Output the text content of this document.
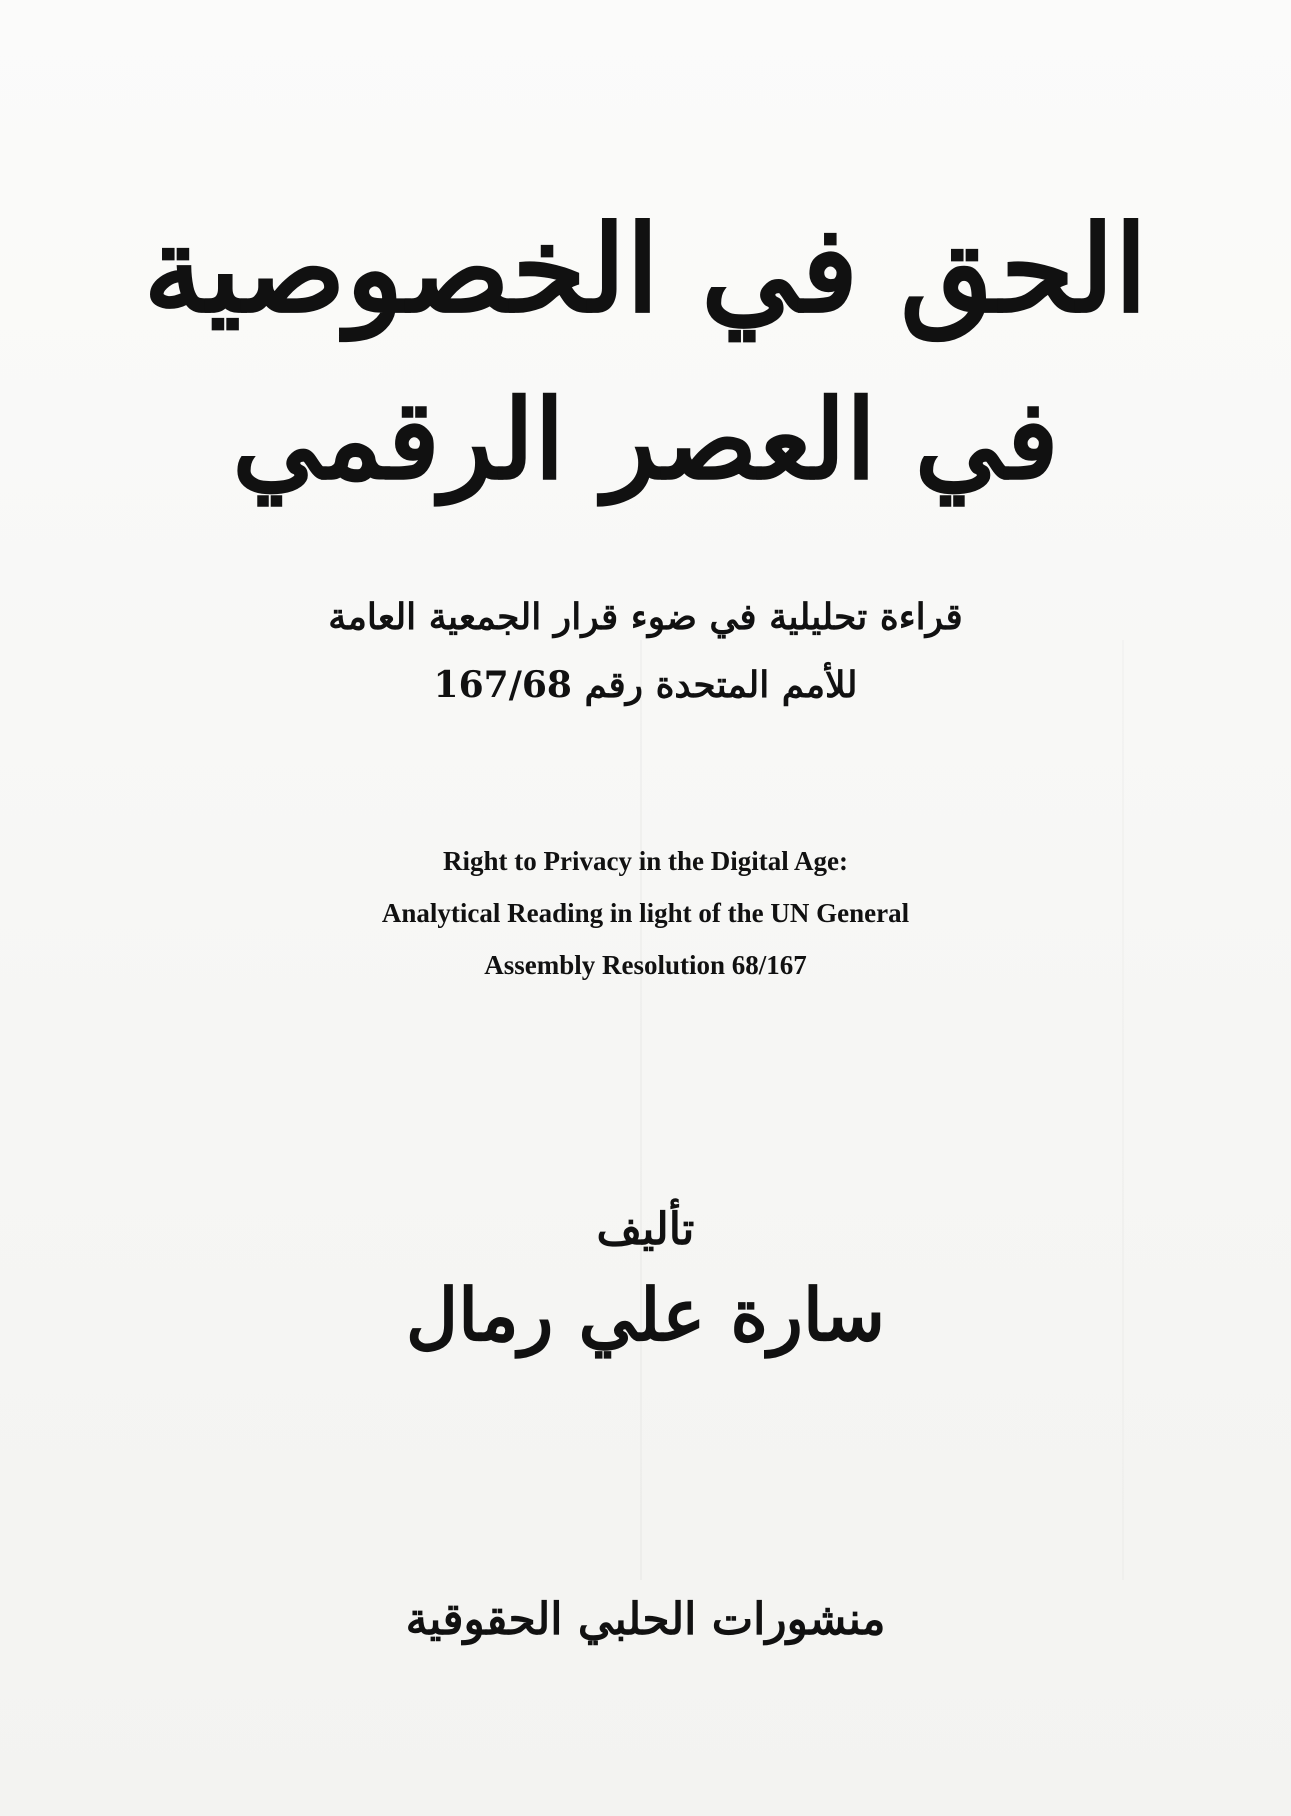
الحق في الخصوصية
في العصر الرقمي
قراءة تحليلية في ضوء قرار الجمعية العامة
للأمم المتحدة رقم 167/68
Right to Privacy in the Digital Age:
Analytical Reading in light of the UN General
Assembly Resolution 68/167
تأليف
سارة علي رمال
منشورات الحلبي الحقوقية
